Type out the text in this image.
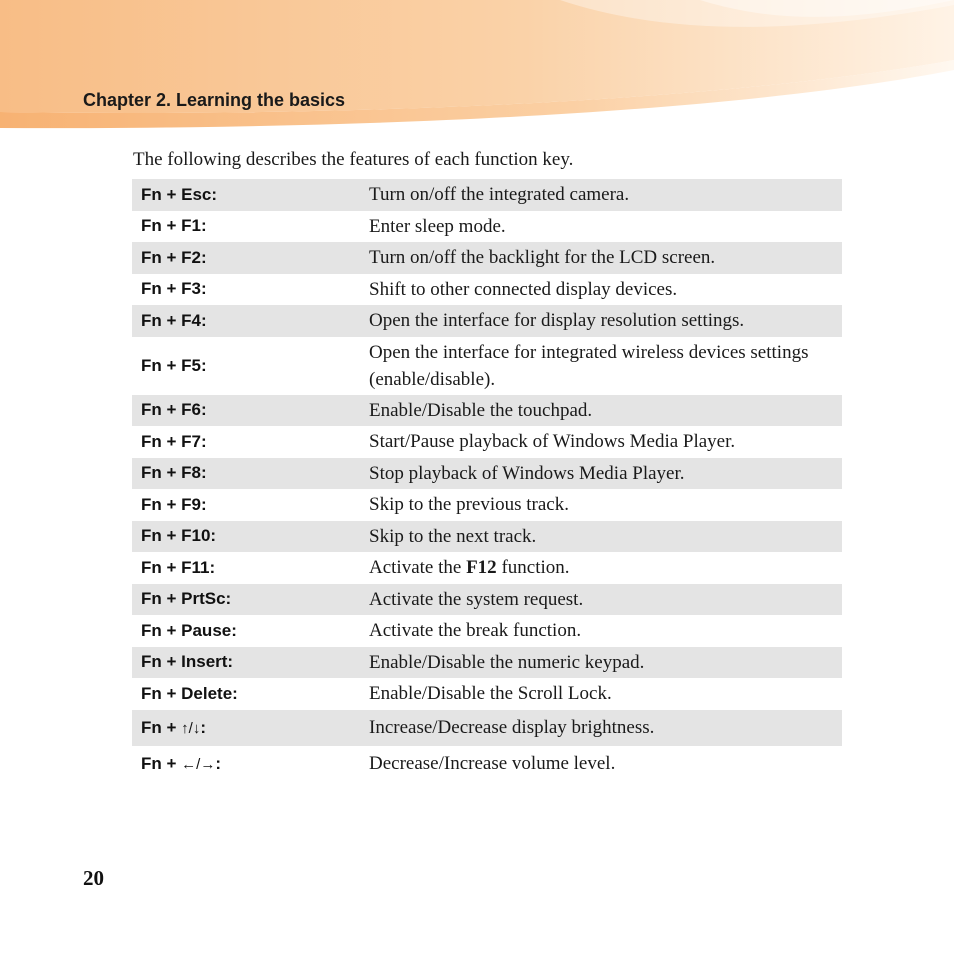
Chapter 2. Learning the basics
The following describes the features of each function key.
Fn + Esc:	Turn on/off the integrated camera.
Fn + F1:	Enter sleep mode.
Fn + F2:	Turn on/off the backlight for the LCD screen.
Fn + F3:	Shift to other connected display devices.
Fn + F4:	Open the interface for display resolution settings.
Fn + F5:	Open the interface for integrated wireless devices settings (enable/disable).
Fn + F6:	Enable/Disable the touchpad.
Fn + F7:	Start/Pause playback of Windows Media Player.
Fn + F8:	Stop playback of Windows Media Player.
Fn + F9:	Skip to the previous track.
Fn + F10:	Skip to the next track.
Fn + F11:	Activate the F12 function.
Fn + PrtSc:	Activate the system request.
Fn + Pause:	Activate the break function.
Fn + Insert:	Enable/Disable the numeric keypad.
Fn + Delete:	Enable/Disable the Scroll Lock.
Fn + ↑/↓:	Increase/Decrease display brightness.
Fn + ←/→:	Decrease/Increase volume level.
20
